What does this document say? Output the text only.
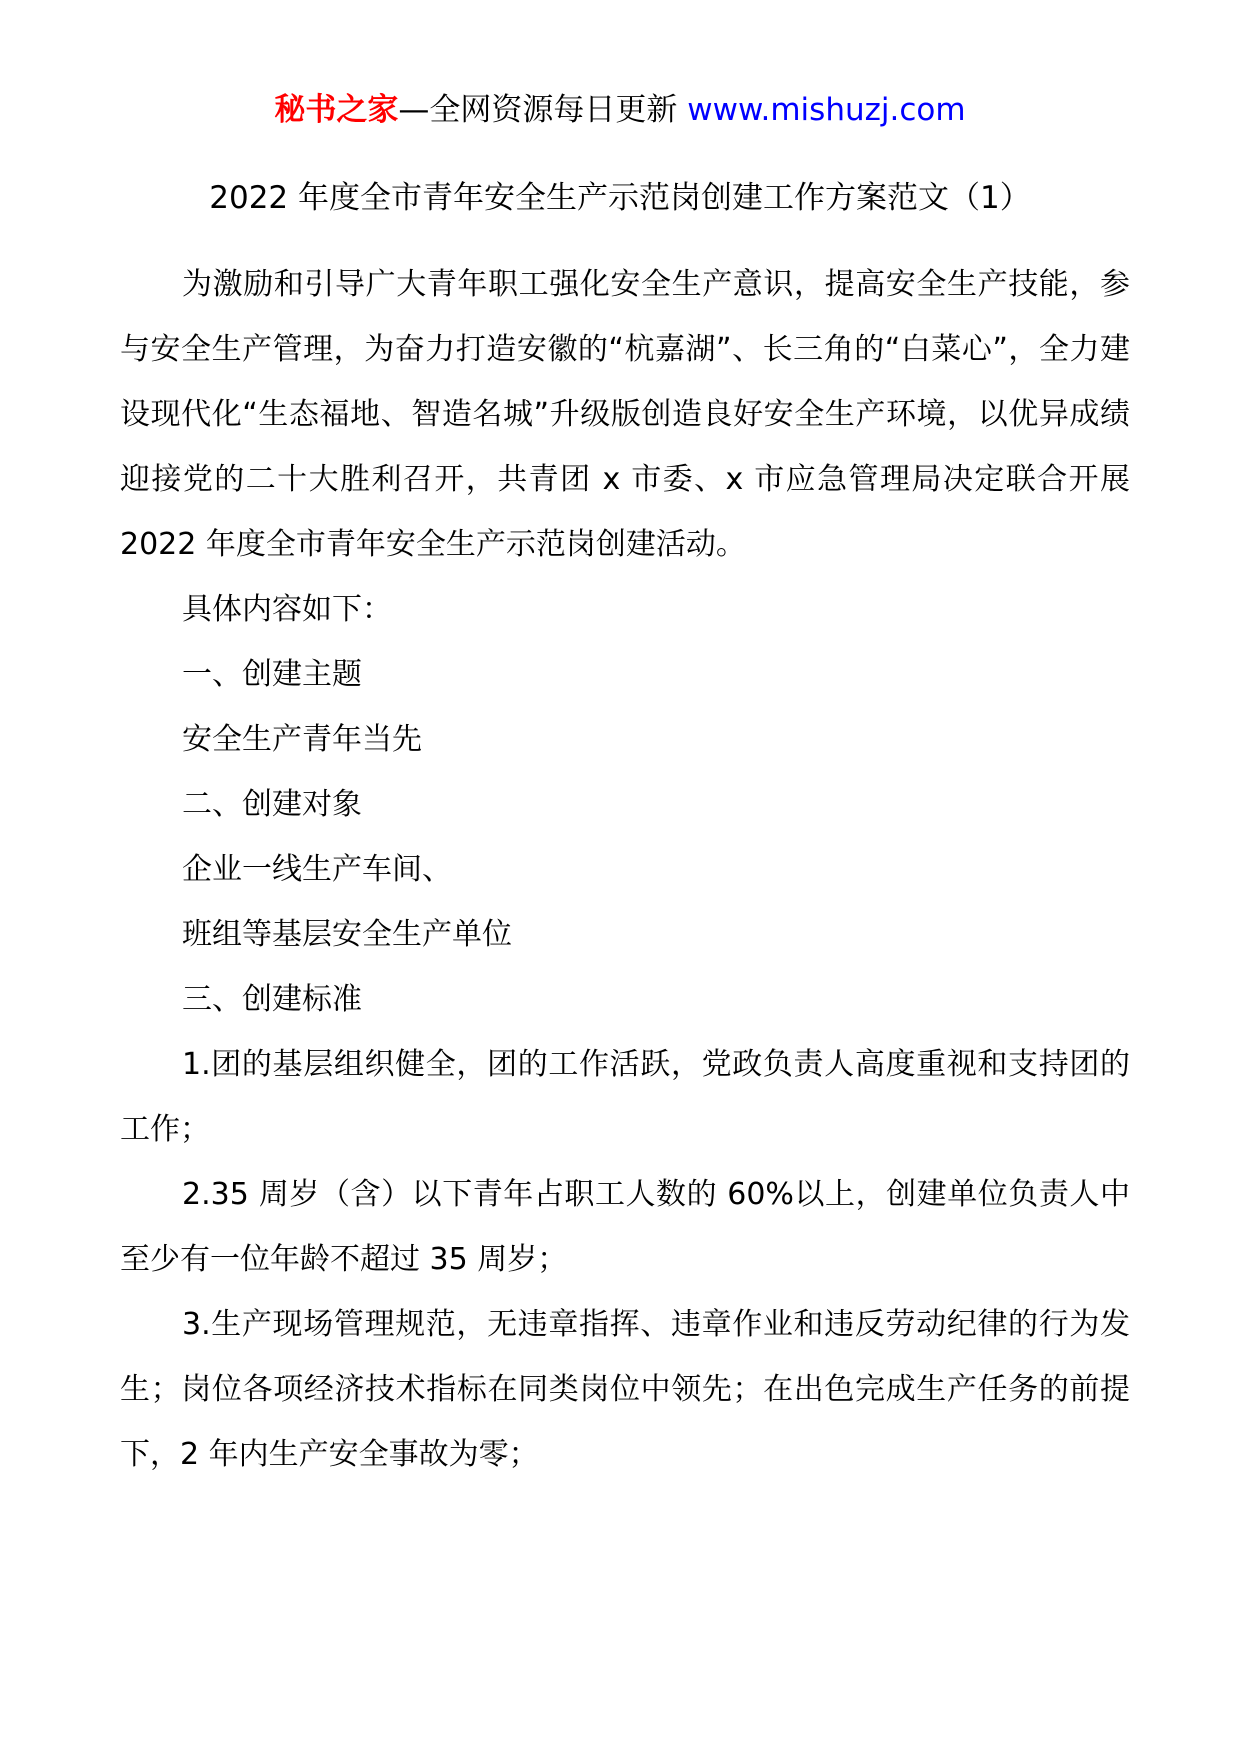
秘书之家—全网资源每日更新 www.mishuzj.com
2022 年度全市青年安全生产示范岗创建工作方案范文（1）

为激励和引导广大青年职工强化安全生产意识，提高安全生产技能，参与安全生产管理，为奋力打造安徽的“杭嘉湖”、长三角的“白菜心”，全力建设现代化“生态福地、智造名城”升级版创造良好安全生产环境，以优异成绩迎接党的二十大胜利召开，共青团 x 市委、x 市应急管理局决定联合开展 2022 年度全市青年安全生产示范岗创建活动。

具体内容如下：

一、创建主题

安全生产青年当先

二、创建对象

企业一线生产车间、

班组等基层安全生产单位

三、创建标准

1.团的基层组织健全，团的工作活跃，党政负责人高度重视和支持团的工作；

2.35 周岁（含）以下青年占职工人数的 60%以上，创建单位负责人中至少有一位年龄不超过 35 周岁；

3.生产现场管理规范，无违章指挥、违章作业和违反劳动纪律的行为发生；岗位各项经济技术指标在同类岗位中领先；在出色完成生产任务的前提下，2 年内生产安全事故为零；
